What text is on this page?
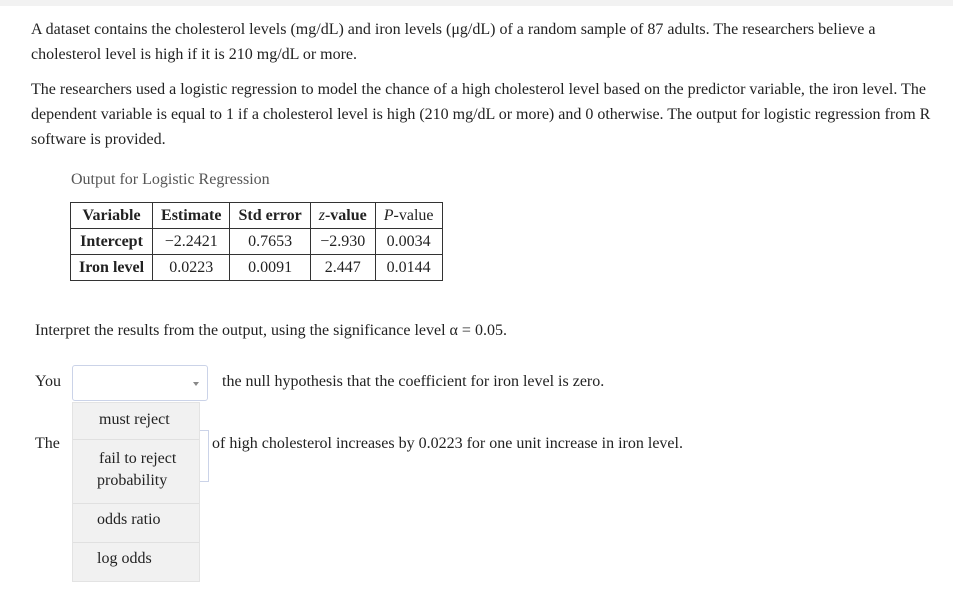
A dataset contains the cholesterol levels (mg/dL) and iron levels (μg/dL) of a random sample of 87 adults. The researchers believe a cholesterol level is high if it is 210 mg/dL or more.

The researchers used a logistic regression to model the chance of a high cholesterol level based on the predictor variable, the iron level. The dependent variable is equal to 1 if a cholesterol level is high (210 mg/dL or more) and 0 otherwise. The output for logistic regression from R software is provided.

Output for Logistic Regression
Variable	Estimate	Std error	z-value	P-value
Intercept	−2.2421	0.7653	−2.930	0.0034
Iron level	0.0223	0.0091	2.447	0.0144
Interpret the results from the output, using the significance level α = 0.05.
You	the null hypothesis that the coefficient for iron level is zero.
The	of high cholesterol increases by 0.0223 for one unit increase in iron level.
must reject
fail to reject
probability
odds ratio
log odds
